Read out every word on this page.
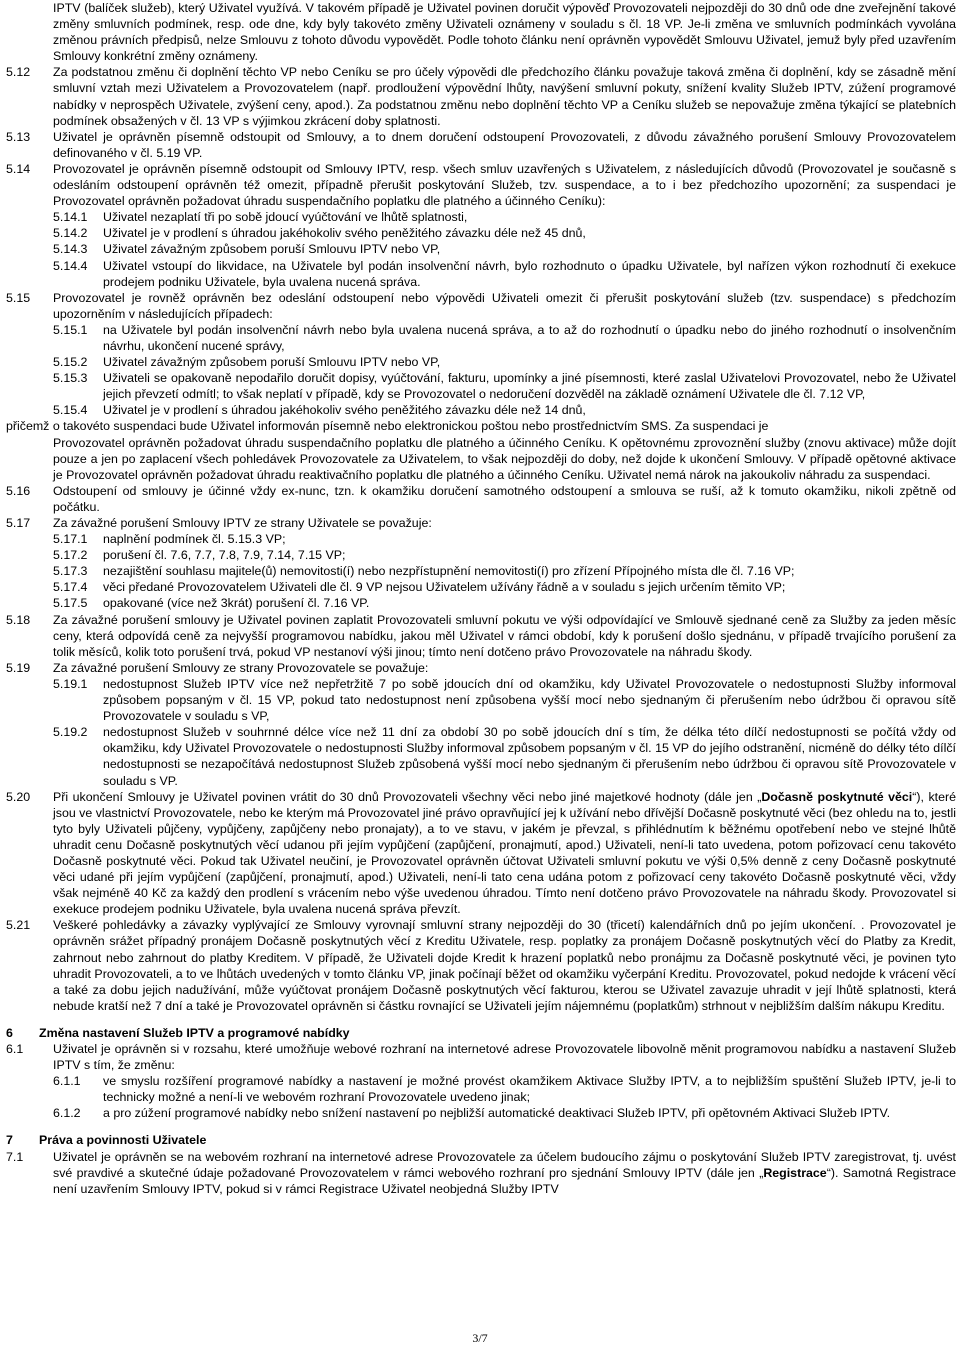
IPTV (balíček služeb), který Uživatel využívá. V takovém případě je Uživatel povinen doručit výpověď Provozovateli nejpozději do 30 dnů ode dne zveřejnění takové změny smluvních podmínek, resp. ode dne, kdy byly takovéto změny Uživateli oznámeny v souladu s čl. 18 VP. Je-li změna ve smluvních podmínkách vyvolána změnou právních předpisů, nelze Smlouvu z tohoto důvodu vypovědět. Podle tohoto článku není oprávněn vypovědět Smlouvu Uživatel, jemuž byly před uzavřením Smlouvy konkrétní změny oznámeny.

5.12	Za podstatnou změnu či doplnění těchto VP nebo Ceníku se pro účely výpovědi dle předchozího článku považuje taková změna či doplnění, kdy se zásadně mění smluvní vztah mezi Uživatelem a Provozovatelem (např. prodloužení výpovědní lhůty, navýšení smluvní pokuty, snížení kvality Služeb IPTV, zúžení programové nabídky v neprospěch Uživatele, zvýšení ceny, apod.). Za podstatnou změnu nebo doplnění těchto VP a Ceníku služeb se nepovažuje změna týkající se platebních podmínek obsažených v čl. 13 VP s výjimkou zkrácení doby splatnosti.
5.13	Uživatel je oprávněn písemně odstoupit od Smlouvy, a to dnem doručení odstoupení Provozovateli, z důvodu závažného porušení Smlouvy Provozovatelem definovaného v čl. 5.19 VP.
5.14	Provozovatel je oprávněn písemně odstoupit od Smlouvy IPTV, resp. všech smluv uzavřených s Uživatelem, z následujících důvodů (Provozovatel je současně s odesláním odstoupení oprávněn též omezit, případně přerušit poskytování Služeb, tzv. suspendace, a to i bez předchozího upozornění; za suspendaci je Provozovatel oprávněn požadovat úhradu suspendačního poplatku dle platného a účinného Ceníku):
5.14.1	Uživatel nezaplatí tři po sobě jdoucí vyúčtování ve lhůtě splatnosti,
5.14.2	Uživatel je v prodlení s úhradou jakéhokoliv svého peněžitého závazku déle než 45 dnů,
5.14.3	Uživatel závažným způsobem poruší Smlouvu IPTV nebo VP,
5.14.4	Uživatel vstoupí do likvidace, na Uživatele byl podán insolvenční návrh, bylo rozhodnuto o úpadku Uživatele, byl nařízen výkon rozhodnutí či exekuce prodejem podniku Uživatele, byla uvalena nucená správa.
5.15	Provozovatel je rovněž oprávněn bez odeslání odstoupení nebo výpovědi Uživateli omezit či přerušit poskytování služeb (tzv. suspendace) s předchozím upozorněním v následujících případech:
5.15.1	na Uživatele byl podán insolvenční návrh nebo byla uvalena nucená správa, a to až do rozhodnutí o úpadku nebo do jiného rozhodnutí o insolvenčním návrhu, ukončení nucené správy,
5.15.2	Uživatel závažným způsobem poruší Smlouvu IPTV nebo VP,
5.15.3	Uživateli se opakovaně nepodařilo doručit dopisy, vyúčtování, fakturu, upomínky a jiné písemnosti, které zaslal Uživatelovi Provozovatel, nebo že Uživatel jejich převzetí odmítl; to však neplatí v případě, kdy se Provozovatel o nedoručení dozvěděl na základě oznámení Uživatele dle čl. 7.12 VP,
5.15.4	Uživatel je v prodlení s úhradou jakéhokoliv svého peněžitého závazku déle než 14 dnů,

přičemž o takovéto suspendaci bude Uživatel informován písemně nebo elektronickou poštou nebo prostřednictvím SMS. Za suspendaci je

Provozovatel oprávněn požadovat úhradu suspendačního poplatku dle platného a účinného Ceníku. K opětovnému zprovoznění služby (znovu aktivace) může dojít pouze a jen po zaplacení všech pohledávek Provozovatele za Uživatelem, to však nejpozději do doby, než dojde k ukončení Smlouvy. V případě opětovné aktivace je Provozovatel oprávněn požadovat úhradu reaktivačního poplatku dle platného a účinného Ceníku. Uživatel nemá nárok na jakoukoliv náhradu za suspendaci.

5.16	Odstoupení od smlouvy je účinné vždy ex-nunc, tzn. k okamžiku doručení samotného odstoupení a smlouva se ruší, až k tomuto okamžiku, nikoli zpětně od počátku.
5.17	Za závažné porušení Smlouvy IPTV ze strany Uživatele se považuje:
5.17.1	naplnění podmínek čl. 5.15.3 VP;
5.17.2	porušení čl. 7.6, 7.7, 7.8, 7.9, 7.14, 7.15 VP;
5.17.3	nezajištění souhlasu majitele(ů) nemovitosti(í) nebo nezpřístupnění nemovitosti(í) pro zřízení Přípojného místa dle čl. 7.16 VP;
5.17.4	věci předané Provozovatelem Uživateli dle čl. 9 VP nejsou Uživatelem užívány řádně a v souladu s jejich určením těmito VP;
5.17.5	opakované (více než 3krát) porušení čl. 7.16 VP.
5.18	Za závažné porušení smlouvy je Uživatel povinen zaplatit Provozovateli smluvní pokutu ve výši odpovídající ve Smlouvě sjednané ceně za Služby za jeden měsíc ceny, která odpovídá ceně za nejvyšší programovou nabídku, jakou měl Uživatel v rámci období, kdy k porušení došlo sjednánu, v případě trvajícího porušení za tolik měsíců, kolik toto porušení trvá, pokud VP nestanoví výši jinou; tímto není dotčeno právo Provozovatele na náhradu škody.
5.19	Za závažné porušení Smlouvy ze strany Provozovatele se považuje:
5.19.1	nedostupnost Služeb IPTV více než nepřetržitě 7 po sobě jdoucích dní od okamžiku, kdy Uživatel Provozovatele o nedostupnosti Služby informoval způsobem popsaným v čl. 15 VP, pokud tato nedostupnost není způsobena vyšší mocí nebo sjednaným či přerušením nebo údržbou či opravou sítě Provozovatele v souladu s VP,
5.19.2	nedostupnost Služeb v souhrnné délce více než 11 dní za období 30 po sobě jdoucích dní s tím, že délka této dílčí nedostupnosti se počítá vždy od okamžiku, kdy Uživatel Provozovatele o nedostupnosti Služby informoval způsobem popsaným v čl. 15 VP do jejího odstranění, nicméně do délky této dílčí nedostupnosti se nezapočítává nedostupnost Služeb způsobená vyšší mocí nebo sjednaným či přerušením nebo údržbou či opravou sítě Provozovatele v souladu s VP.
5.20	Při ukončení Smlouvy je Uživatel povinen vrátit do 30 dnů Provozovateli všechny věci nebo jiné majetkové hodnoty (dále jen „Dočasně poskytnuté věci“), které jsou ve vlastnictví Provozovatele, nebo ke kterým má Provozovatel jiné právo opravňující jej k užívání nebo dřívější Dočasně poskytnuté věci (bez ohledu na to, jestli tyto byly Uživateli půjčeny, vypůjčeny, zapůjčeny nebo pronajaty), a to ve stavu, v jakém je převzal, s přihlédnutím k běžnému opotřebení nebo ve stejné lhůtě uhradit cenu Dočasně poskytnutých věcí udanou při jejím vypůjčení (zapůjčení, pronajmutí, apod.) Uživateli, není-li tato uvedena, potom pořizovací cenu takovéto Dočasně poskytnuté věci. Pokud tak Uživatel neučiní, je Provozovatel oprávněn účtovat Uživateli smluvní pokutu ve výši 0,5% denně z ceny Dočasně poskytnuté věci udané při jejím vypůjčení (zapůjčení, pronajmutí, apod.) Uživateli, není-li tato cena udána potom z pořizovací ceny takovéto Dočasně poskytnuté věci, vždy však nejméně 40 Kč za každý den prodlení s vrácením nebo výše uvedenou úhradou. Tímto není dotčeno právo Provozovatele na náhradu škody. Provozovatel si exekuce prodejem podniku Uživatele, byla uvalena nucená správa převzít.
5.21	Veškeré pohledávky a závazky vyplývající ze Smlouvy vyrovnají smluvní strany nejpozději do 30 (třicetí) kalendářních dnů po jejím ukončení. . Provozovatel je oprávněn srážet případný pronájem Dočasně poskytnutých věcí z Kreditu Uživatele, resp. poplatky za pronájem Dočasně poskytnutých věcí do Platby za Kredit, zahrnout nebo zahrnout do platby Kreditem. V případě, že Uživateli dojde Kredit k hrazení poplatků nebo pronájmu za Dočasně poskytnuté věci, je povinen tyto uhradit Provozovateli, a to ve lhůtách uvedených v tomto článku VP, jinak počínají běžet od okamžiku vyčerpání Kreditu. Provozovatel, pokud nedojde k vrácení věcí a také za dobu jejich nadužívání, může vyúčtovat pronájem Dočasně poskytnutých věcí fakturou, kterou se Uživatel zavazuje uhradit v její lhůtě splatnosti, která nebude kratší než 7 dní a také je Provozovatel oprávněn si částku rovnající se Uživateli jejím nájemnému (poplatkům) strhnout v nejbližším dalším nákupu Kreditu.
6	Změna nastavení Služeb IPTV a programové nabídky
6.1	Uživatel je oprávněn si v rozsahu, které umožňuje webové rozhraní na internetové adrese Provozovatele libovolně měnit programovou nabídku a nastavení Služeb IPTV s tím, že změnu:
6.1.1	ve smyslu rozšíření programové nabídky a nastavení je možné provést okamžikem Aktivace Služby IPTV, a to nejbližším spuštění Služeb IPTV, je-li to technicky možné a není-li ve webovém rozhraní Provozovatele uvedeno jinak;
6.1.2	a pro zúžení programové nabídky nebo snížení nastavení po nejbližší automatické deaktivaci Služeb IPTV, při opětovném Aktivaci Služeb IPTV.
7	Práva a povinnosti Uživatele
7.1	Uživatel je oprávněn se na webovém rozhraní na internetové adrese Provozovatele za účelem budoucího zájmu o poskytování Služeb IPTV zaregistrovat, tj. uvést své pravdivé a skutečné údaje požadované Provozovatelem v rámci webového rozhraní pro sjednání Smlouvy IPTV (dále jen „Registrace“). Samotná Registrace není uzavřením Smlouvy IPTV, pokud si v rámci Registrace Uživatel neobjedná Služby IPTV
3/7
